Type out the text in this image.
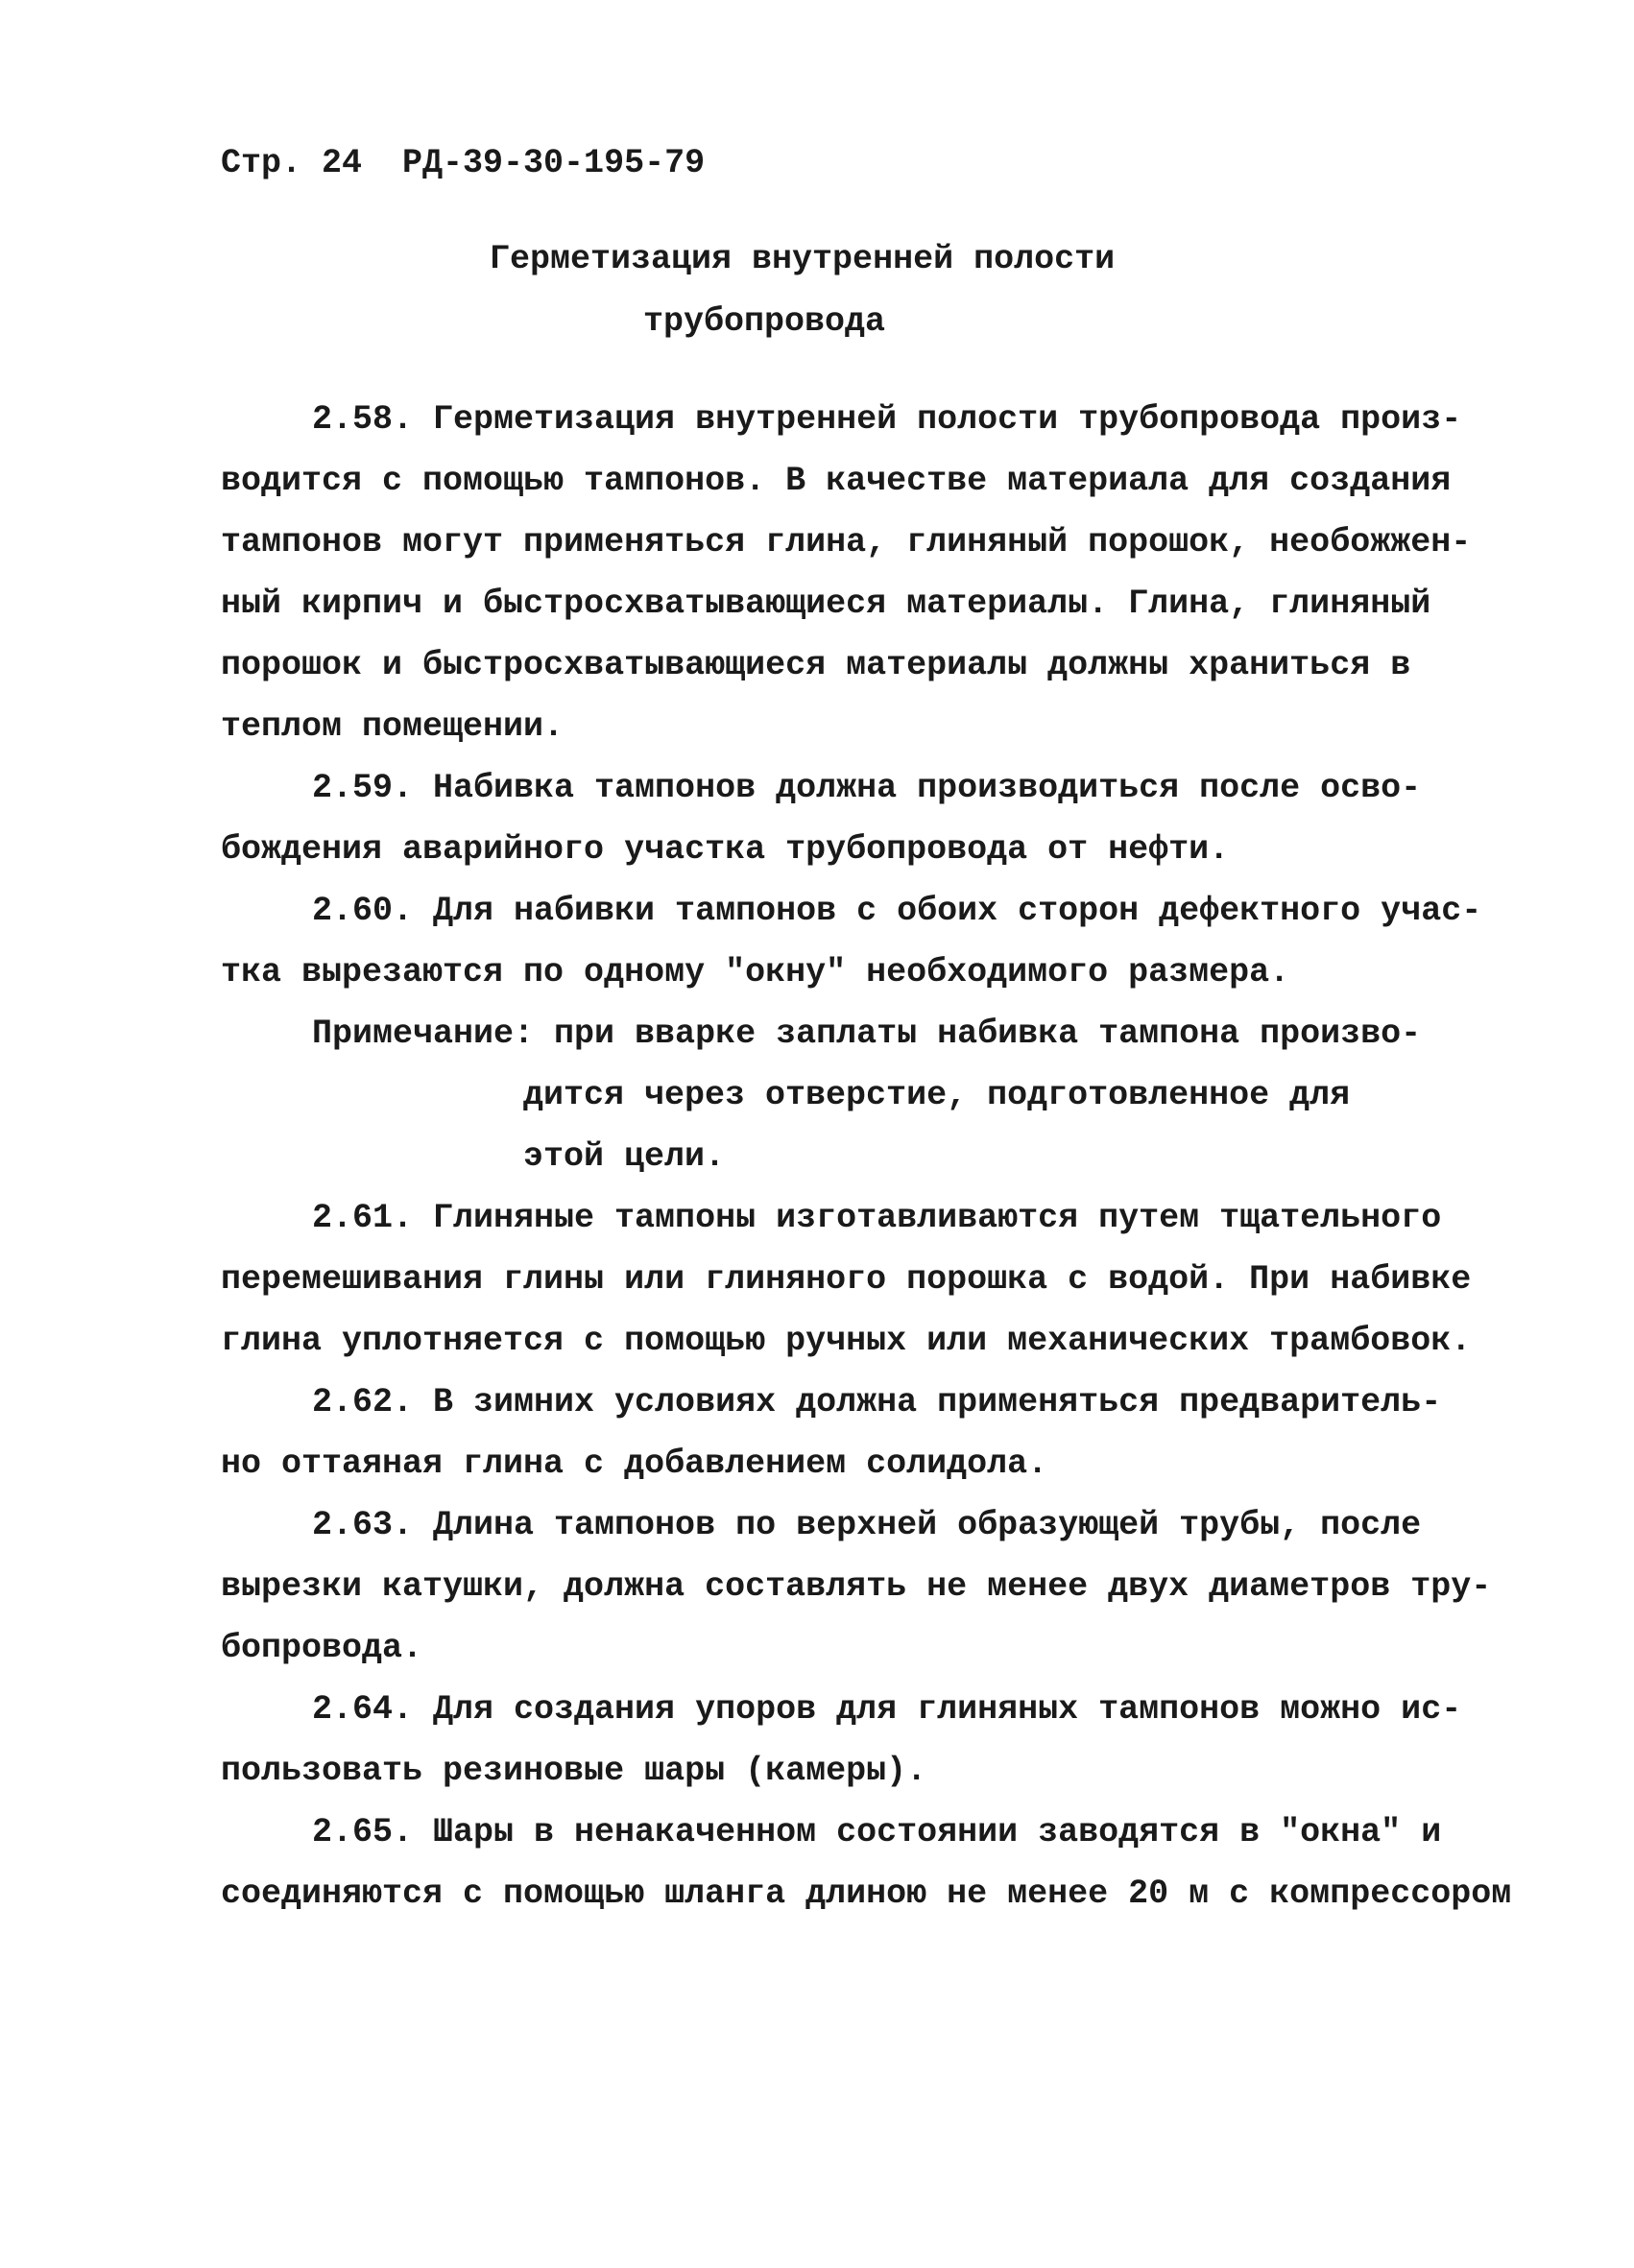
Стр. 24  РД-39-30-195-79
Герметизация внутренней полости
трубопровода
2.58. Герметизация внутренней полости трубопровода произ-
водится с помощью тампонов. В качестве материала для создания
тампонов могут применяться глина, глиняный порошок, необожжен-
ный кирпич и быстросхватывающиеся материалы. Глина, глиняный
порошок и быстросхватывающиеся материалы должны храниться в
теплом помещении.
2.59. Набивка тампонов должна производиться после осво-
бождения аварийного участка трубопровода от нефти.
2.60. Для набивки тампонов с обоих сторон дефектного учас-
тка вырезаются по одному "окну" необходимого размера.
Примечание: при вварке заплаты набивка тампона произво-
дится через отверстие, подготовленное для
этой цели.
2.61. Глиняные тампоны изготавливаются путем тщательного
перемешивания глины или глиняного порошка с водой. При набивке
глина уплотняется с помощью ручных или механических трамбовок.
2.62. В зимних условиях должна применяться предваритель-
но оттаяная глина с добавлением солидола.
2.63. Длина тампонов по верхней образующей трубы, после
вырезки катушки, должна составлять не менее двух диаметров тру-
бопровода.
2.64. Для создания упоров для глиняных тампонов можно ис-
пользовать резиновые шары (камеры).
2.65. Шары в ненакаченном состоянии заводятся в "окна" и
соединяются с помощью шланга длиною не менее 20 м с компрессором
